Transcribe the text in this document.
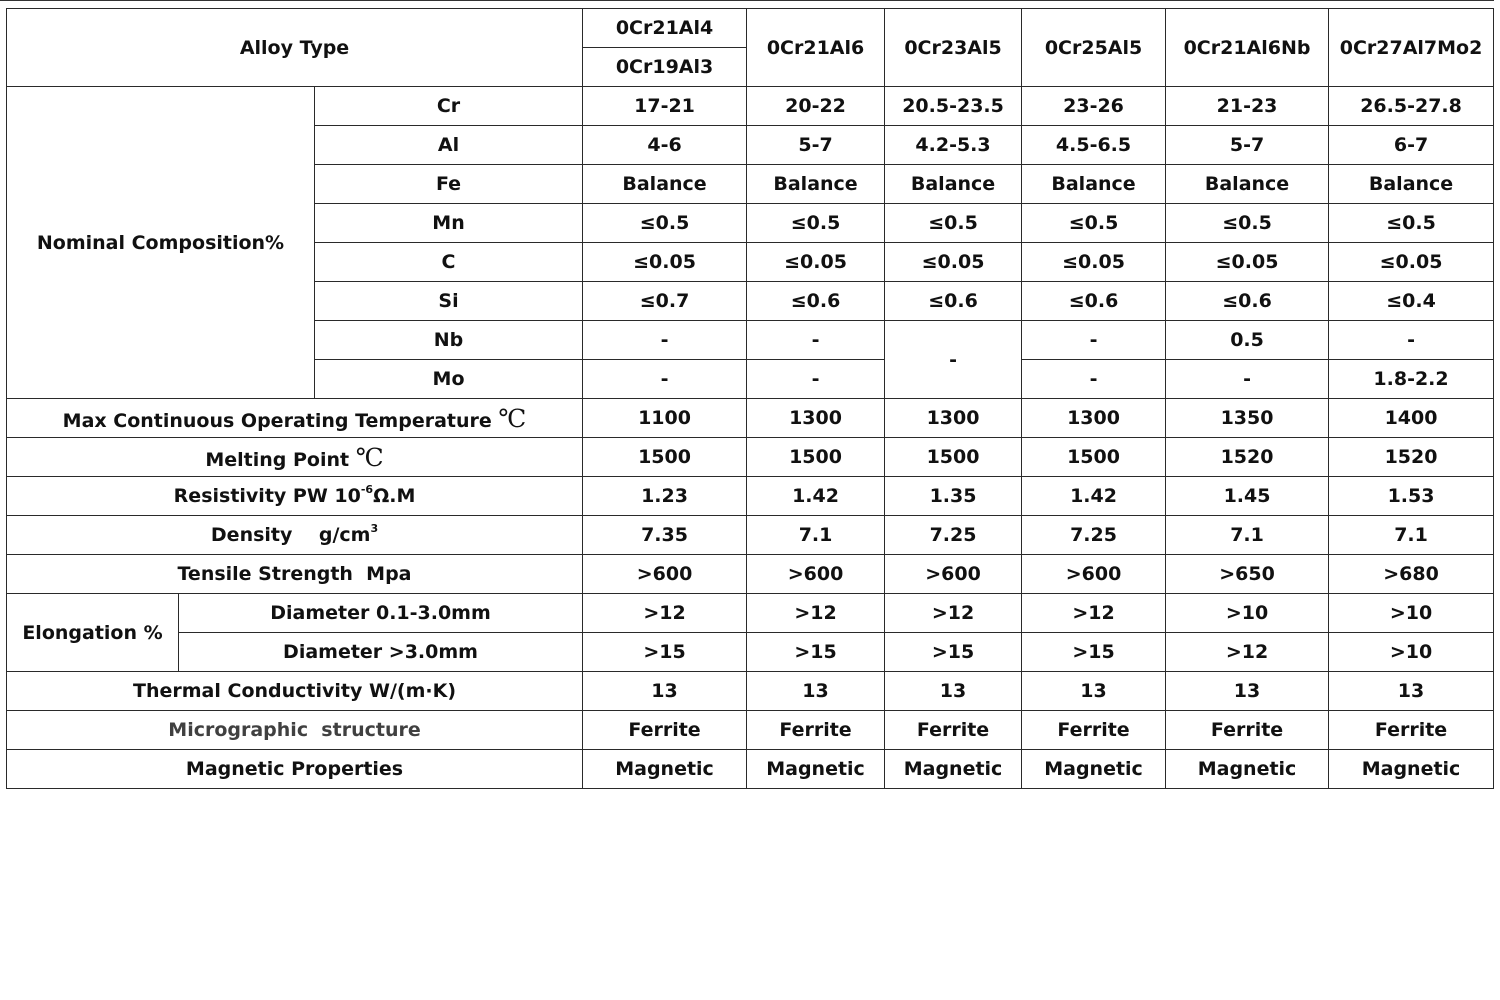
Alloy Type			0Cr21Al4	0Cr21Al6	0Cr23Al5	0Cr25Al5	0Cr21Al6Nb	0Cr27Al7Mo2
			0Cr19Al3					
Nominal Composition%		Cr	17-21	20-22	20.5-23.5	23-26	21-23	26.5-27.8
		Al	4-6	5-7	4.2-5.3	4.5-6.5	5-7	6-7
		Fe	Balance	Balance	Balance	Balance	Balance	Balance
		Mn	≤0.5	≤0.5	≤0.5	≤0.5	≤0.5	≤0.5
		C	≤0.05	≤0.05	≤0.05	≤0.05	≤0.05	≤0.05
		Si	≤0.7	≤0.6	≤0.6	≤0.6	≤0.6	≤0.4
		Nb	-	-	-	-	0.5	-
		Mo	-	-		-	-	1.8-2.2
Max Continuous Operating Temperature ℃			1100	1300	1300	1300	1350	1400
Melting Point ℃			1500	1500	1500	1500	1520	1520
Resistivity PW $10^{-6}\Omega.M$			1.23	1.42	1.35	1.42	1.45	1.53
Density    $g/cm^3$			7.35	7.1	7.25	7.25	7.1	7.1
Tensile Strength  Mpa			>600	>600	>600	>600	>650	>680
Elongation %	Diameter 0.1-3.0mm		>12	>12	>12	>12	>10	>10
	Diameter >3.0mm		>15	>15	>15	>15	>12	>10
Thermal Conductivity W/(m·K)			13	13	13	13	13	13
Micrographic  structure			Ferrite	Ferrite	Ferrite	Ferrite	Ferrite	Ferrite
Magnetic Properties			Magnetic	Magnetic	Magnetic	Magnetic	Magnetic	Magnetic
